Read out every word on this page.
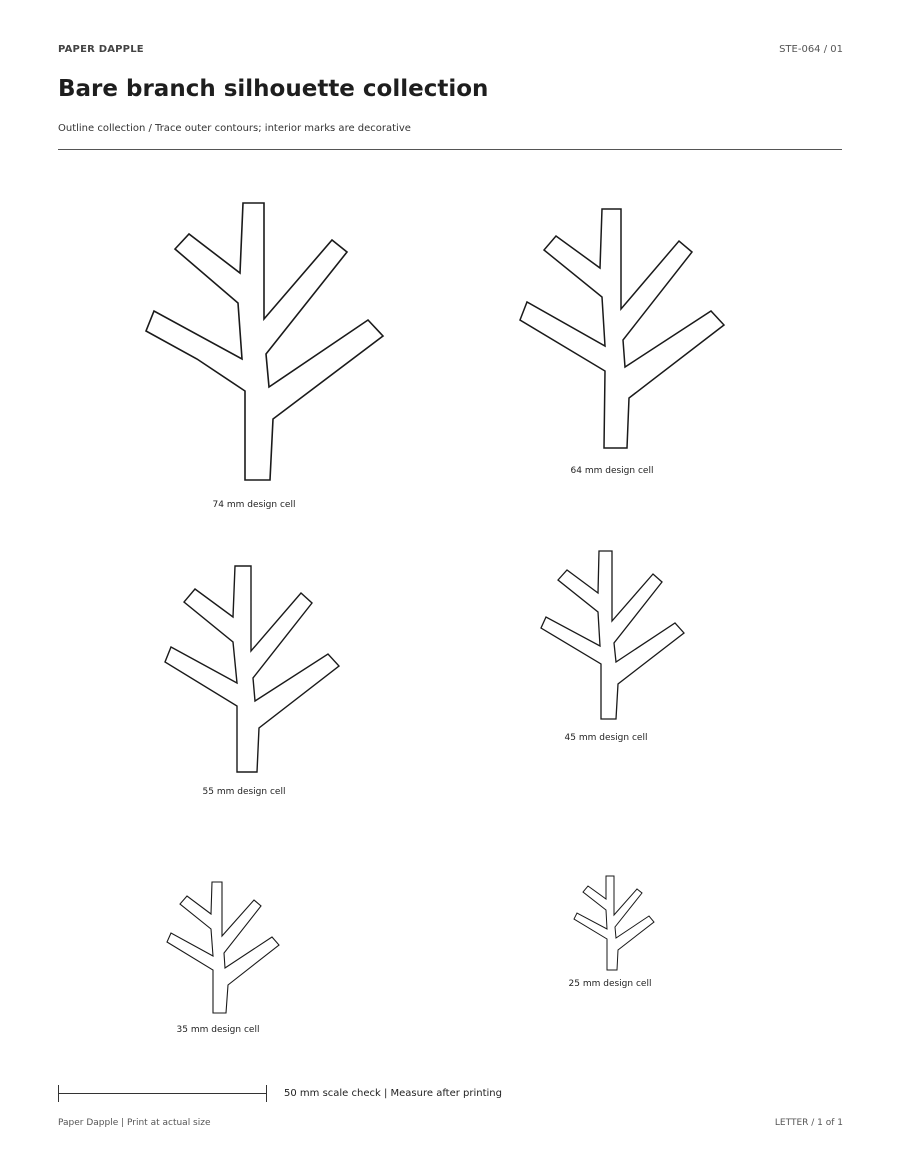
PAPER DAPPLE	STE-064 / 01
Bare branch silhouette collection
Outline collection / Trace outer contours; interior marks are decorative
74 mm design cell
64 mm design cell
55 mm design cell
45 mm design cell
35 mm design cell
25 mm design cell
50 mm scale check | Measure after printing
Paper Dapple | Print at actual size	LETTER / 1 of 1
